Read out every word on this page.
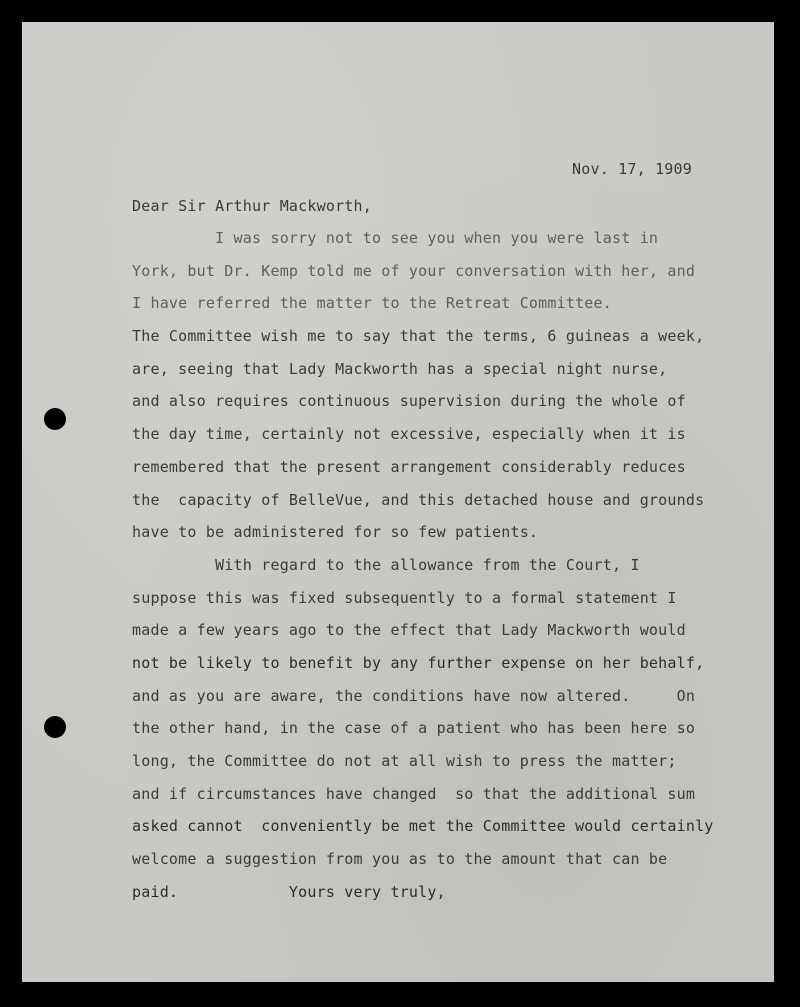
Nov. 17, 1909
Dear Sir Arthur Mackworth,
I was sorry not to see you when you were last in
York, but Dr. Kemp told me of your conversation with her, and
I have referred the matter to the Retreat Committee.
The Committee wish me to say that the terms, 6 guineas a week,
are, seeing that Lady Mackworth has a special night nurse,
and also requires continuous supervision during the whole of
the day time, certainly not excessive, especially when it is
remembered that the present arrangement considerably reduces
the  capacity of BelleVue, and this detached house and grounds
have to be administered for so few patients.
With regard to the allowance from the Court, I
suppose this was fixed subsequently to a formal statement I
made a few years ago to the effect that Lady Mackworth would
not be likely to benefit by any further expense on her behalf,
and as you are aware, the conditions have now altered.     On
the other hand, in the case of a patient who has been here so
long, the Committee do not at all wish to press the matter;
and if circumstances have changed  so that the additional sum
asked cannot  conveniently be met the Committee would certainly
welcome a suggestion from you as to the amount that can be
paid.            Yours very truly,
